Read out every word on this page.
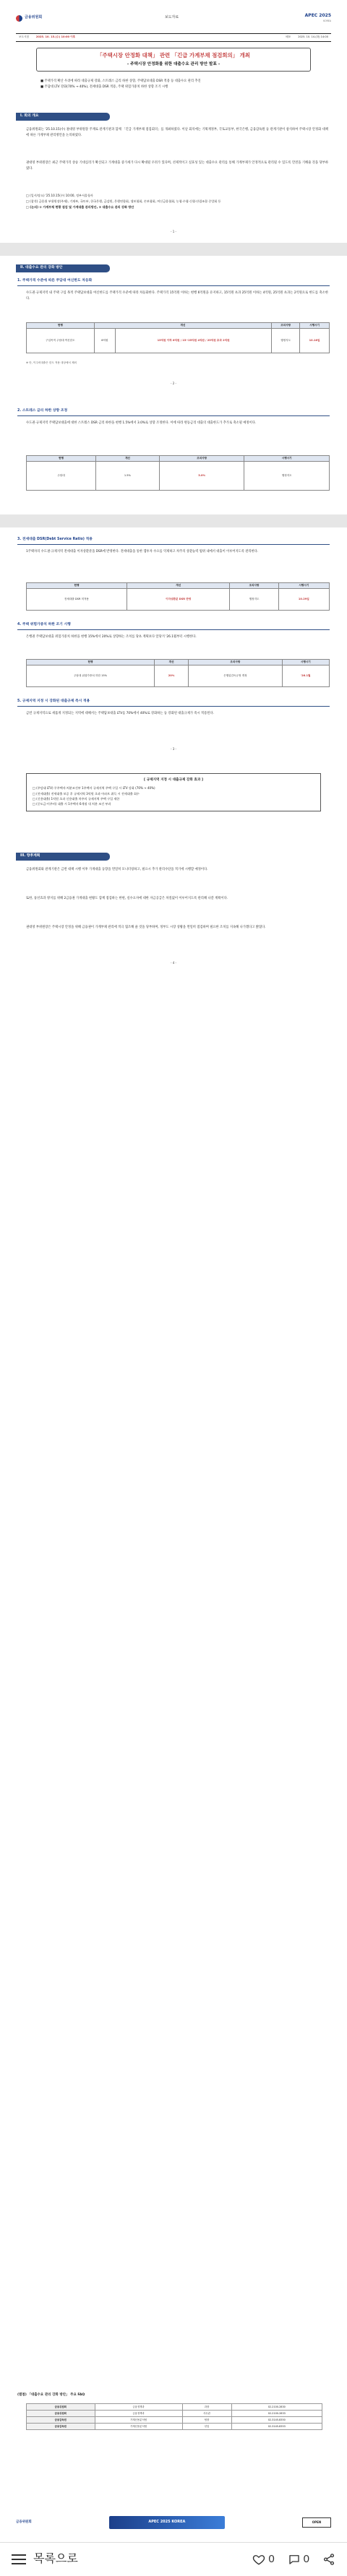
금융위원회	보도자료	APEC 2025
KOREA
보도시점	2025. 10. 15.(수) 10:00 이후	배포	2025. 10. 14.(화) 14:00
「주택시장 안정화 대책」 관련 「긴급 가계부채 점검회의」 개최
- 주택시장 안정화를 위한 대출수요 관리 방안 발표 -
■ 주택가격 확산 우려에 따라 대출규제 강화, 스트레스 금리 하한 상향, 주택담보대출 DSR 적용 등 대출수요 관리 추진
■ 주담대 LTV 강화(70% → 40%), 전세대출 DSR 적용, 주택 위험가중치 하한 상향 조기 시행
I. 회의 개요
금융위원회는 '25.10.15(수) 권대영 부위원장 주재로 관계기관과 함께 「긴급 가계부채 점검회의」를 개최하였다. 이날 회의에는 기획재정부, 국토교통부, 한국은행, 금융감독원 등 관계기관이 참석하여 주택시장 안정화 대책에 따른 가계부채 관리방안을 논의하였다.
권대영 부위원장은 최근 주택가격 상승 기대심리가 확산되고 가계대출 증가세가 다시 확대될 우려가 있다며, 선제적이고 실효성 있는 대출수요 관리를 통해 가계부채가 안정적으로 관리될 수 있도록 만전을 기해줄 것을 당부하였다.
□ (일시/장소) '25.10.15(수) 10:00, 정부서울청사
□ (참석) 금융위 부위원장(주재), 기재부, 국토부, 한국은행, 금감원, 은행연합회, 생보협회, 손보협회, 여신금융협회, 농협·수협·신협·산림조합 중앙회 등
□ (논의) ① 가계부채 현황 점검 및 가계대출 관리방안, ② 대출수요 관리 강화 방안
- 1 -
II. 대출수요 관리 강화 방안
1. 주택가격 수준에 따른 주담대 여신한도 차등화
수도권·규제지역 내 주택 구입 목적 주택담보대출 여신한도를 주택가격 수준에 따라 차등화한다. 주택가격 15억원 이하는 현행 6억원을 유지하고, 15억원 초과 25억원 이하는 4억원, 25억원 초과는 2억원으로 한도를 축소한다.
현행	개선		조치사항	시행시기
구입목적 주담대 여신한도	6억원	15억원 이하 6억원 / 15~25억원 4억원 / 25억원 초과 2억원	행정지도	10.16일
※ 단, 이주비대출은 한도 적용 대상에서 제외
- 2 -
2. 스트레스 금리 하한 상향 조정
수도권·규제지역 주택담보대출에 대한 스트레스 DSR 금리 하한을 현행 1.5%에서 3.0%로 상향 조정한다. 이에 따라 변동금리 대출의 대출한도가 추가로 축소될 예정이다.
현행	개선	조치사항	시행시기
주담대	1.5%	3.0%	행정지도
3. 전세대출 DSR(Debt Service Ratio) 적용
1주택자의 수도권·규제지역 전세대출 이자상환분을 DSR에 반영한다. 전세대출을 통한 갭투자 수요를 억제하고 차주의 상환능력 범위 내에서 대출이 이루어지도록 관리한다.
현행	개선	조치사항	시행시기
전세대출 DSR 미적용	이자상환분 DSR 반영	행정지도	10.29일
4. 주택 위험가중치 하한 조기 시행
은행권 주택담보대출 위험가중치 하한을 현행 15%에서 20%로 상향하는 조치를 당초 계획보다 앞당겨 '26.1월부터 시행한다.
현행	개선	조치사항	시행시기
주담대 위험가중치 하한 15%	20%	은행업감독규정 개정	'26.1월
5. 규제지역 지정 시 강화된 대출규제 즉시 적용
금번 규제지역으로 새롭게 지정되는 지역에 대해서는 주택담보대출 LTV를 70%에서 40%로 강화하는 등 강화된 대출규제가 즉시 적용된다.
- 3 -
[ 규제지역 지정 시 대출규제 강화 효과 ]
□ (주담대 LTV) 무주택자·처분조건부 1주택자 규제지역 주택 구입 시 LTV 강화 (70% → 40%)
□ (전세대출) 전세대출 보증 후 규제지역 3억원 초과 아파트 취득 시 전세대출 회수
□ (신용대출) 1억원 초과 신용대출 차주의 규제지역 주택 구입 제한
□ (중도금·이주비) 대출 시 1주택자 6개월 내 처분 조건 부과
III. 향후계획
금융위원회와 관계기관은 금번 대책 시행 이후 가계대출 동향을 면밀히 모니터링하고, 필요시 추가 관리수단을 적기에 시행할 예정이다.
또한, 풍선효과 방지를 위해 2금융권 가계대출 현황도 함께 점검하는 한편, 실수요자에 대한 자금공급은 차질없이 이루어지도록 관리해 나갈 계획이다.
권대영 부위원장은 주택시장 안정을 위해 금융권이 가계부채 관리에 적극 협조해 줄 것을 당부하며, 정부도 시장 상황을 면밀히 점검하며 필요한 조치를 지속해 나가겠다고 밝혔다.
- 4 -
(별첨) 「대출수요 관리 강화 방안」 주요 FAQ
금융위원회	금융정책과	과장	02-2100-2830
금융위원회	금융정책과	사무관	02-2100-2833
금융감독원	가계신용분석팀	팀장	02-3145-8350
금융감독원	가계신용분석팀	선임	02-3145-8353
금융위원회	APEC 2025 KOREA	OPEN
목록으로	0	0
